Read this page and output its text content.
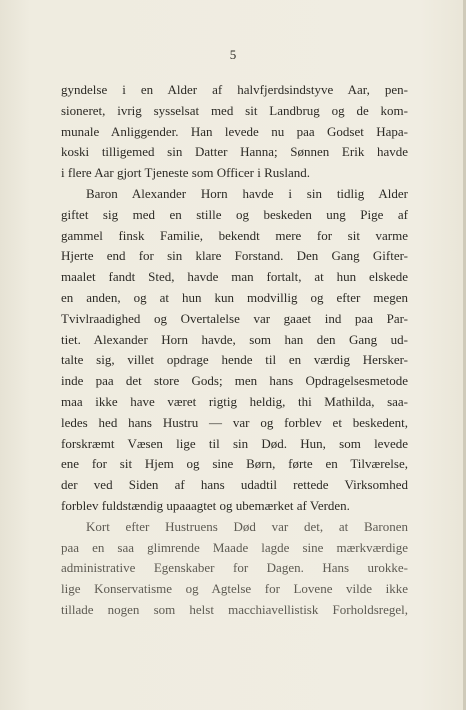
5
gyndelse i en Alder af halvfjerdsindstyve Aar, pen-
sioneret, ivrig sysselsat med sit Landbrug og de kom-
munale Anliggender. Han levede nu paa Godset Hapa-
koski tilligemed sin Datter Hanna; Sønnen Erik havde
i flere Aar gjort Tjeneste som Officer i Rusland.
Baron Alexander Horn havde i sin tidlig Alder
giftet sig med en stille og beskeden ung Pige af
gammel finsk Familie, bekendt mere for sit varme
Hjerte end for sin klare Forstand. Den Gang Gifter-
maalet fandt Sted, havde man fortalt, at hun elskede
en anden, og at hun kun modvillig og efter megen
Tvivlraadighed og Overtalelse var gaaet ind paa Par-
tiet. Alexander Horn havde, som han den Gang ud-
talte sig, villet opdrage hende til en værdig Hersker-
inde paa det store Gods; men hans Opdragelsesmetode
maa ikke have været rigtig heldig, thi Mathilda, saa-
ledes hed hans Hustru — var og forblev et beskedent,
forskræmt Væsen lige til sin Død. Hun, som levede
ene for sit Hjem og sine Børn, førte en Tilværelse,
der ved Siden af hans udadtil rettede Virksomhed
forblev fuldstændig upaaagtet og ubemærket af Verden.
Kort efter Hustruens Død var det, at Baronen
paa en saa glimrende Maade lagde sine mærkværdige
administrative Egenskaber for Dagen. Hans urokke-
lige Konservatisme og Agtelse for Lovene vilde ikke
tillade nogen som helst macchiavellistisk Forholdsregel,
